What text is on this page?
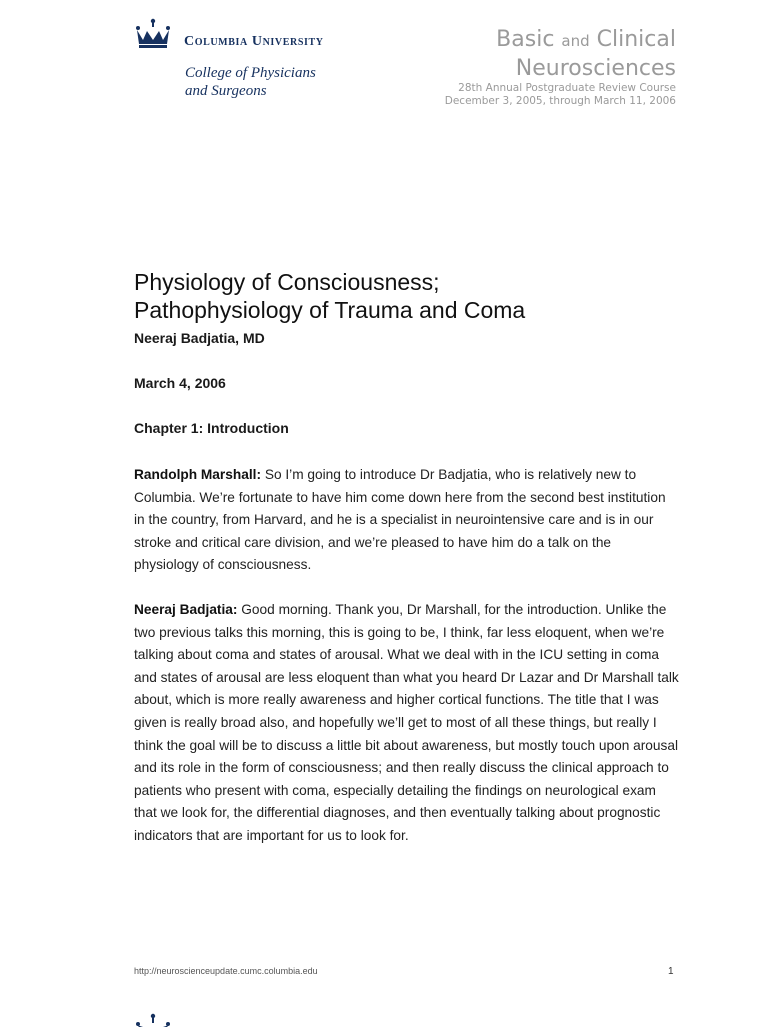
Columbia University
College of Physicians
and Surgeons
Basic and Clinical
Neurosciences
28th Annual Postgraduate Review Course
December 3, 2005, through March 11, 2006
Physiology of Consciousness;
Pathophysiology of Trauma and Coma
Neeraj Badjatia, MD
March 4, 2006
Chapter 1: Introduction

Randolph Marshall: So I’m going to introduce Dr Badjatia, who is relatively new to Columbia. We’re fortunate to have him come down here from the second best institution in the country, from Harvard, and he is a specialist in neurointensive care and is in our stroke and critical care division, and we’re pleased to have him do a talk on the physiology of consciousness.

Neeraj Badjatia: Good morning. Thank you, Dr Marshall, for the introduction. Unlike the two previous talks this morning, this is going to be, I think, far less eloquent, when we’re talking about coma and states of arousal. What we deal with in the ICU setting in coma and states of arousal are less eloquent than what you heard Dr Lazar and Dr Marshall talk about, which is more really awareness and higher cortical functions. The title that I was given is really broad also, and hopefully we’ll get to most of all these things, but really I think the goal will be to discuss a little bit about awareness, but mostly touch upon arousal and its role in the form of consciousness; and then really discuss the clinical approach to patients who present with coma, especially detailing the findings on neurological exam that we look for, the differential diagnoses, and then eventually talking about prognostic indicators that are important for us to look for.

http://neuroscienceupdate.cumc.columbia.edu	1
